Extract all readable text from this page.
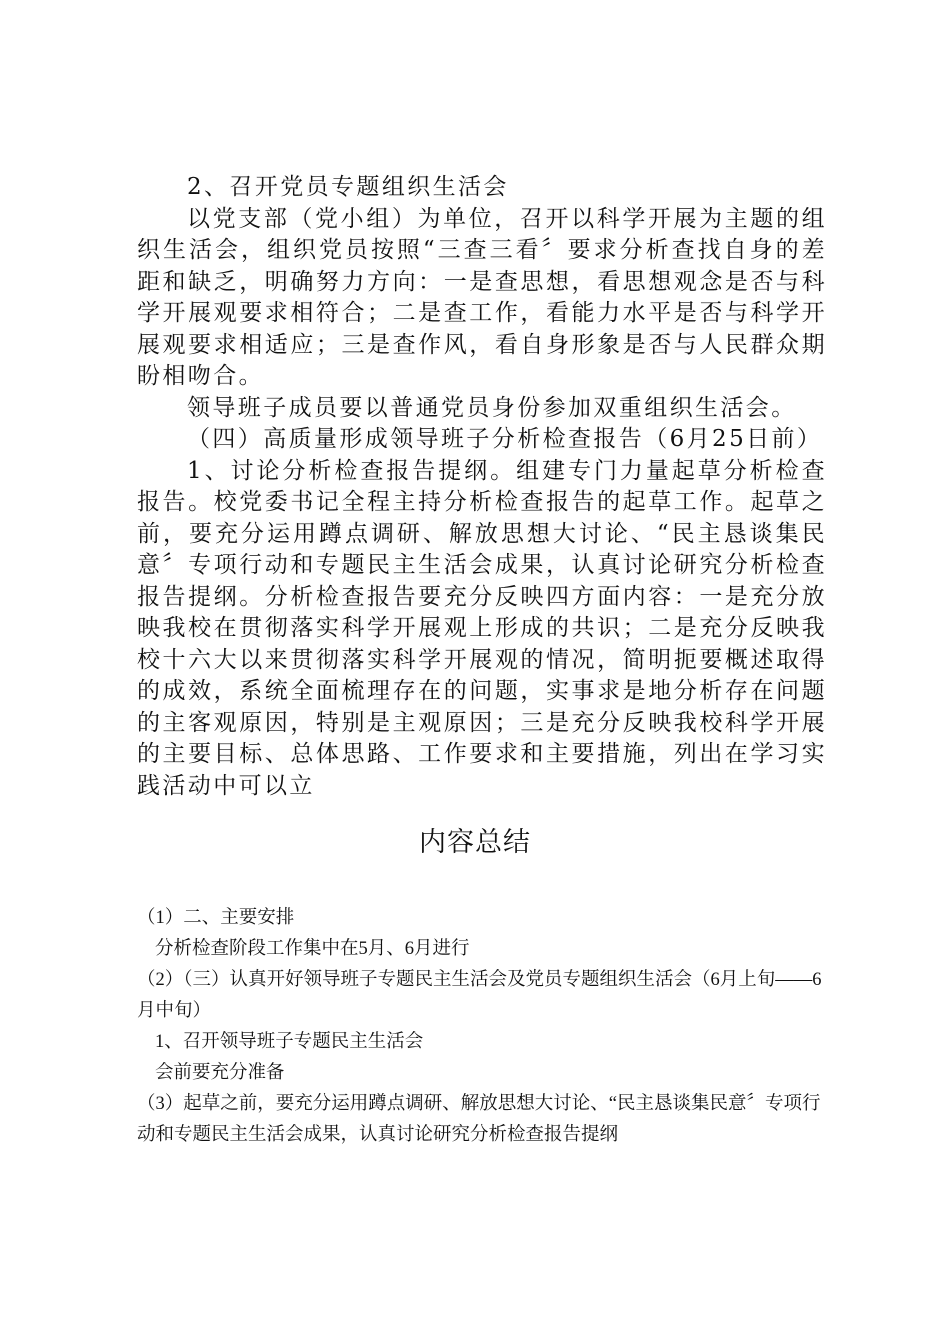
2、召开党员专题组织生活会

以党支部（党小组）为单位，召开以科学开展为主题的组织生活会，组织党员按照“三查三看〞要求分析查找自身的差距和缺乏，明确努力方向：一是查思想，看思想观念是否与科学开展观要求相符合；二是查工作，看能力水平是否与科学开展观要求相适应；三是查作风，看自身形象是否与人民群众期盼相吻合。

领导班子成员要以普通党员身份参加双重组织生活会。

（四）高质量形成领导班子分析检查报告（6月25日前）

1、讨论分析检查报告提纲。组建专门力量起草分析检查报告。校党委书记全程主持分析检查报告的起草工作。起草之前，要充分运用蹲点调研、解放思想大讨论、“民主恳谈集民意〞专项行动和专题民主生活会成果，认真讨论研究分析检查报告提纲。分析检查报告要充分反映四方面内容：一是充分放映我校在贯彻落实科学开展观上形成的共识；二是充分反映我校十六大以来贯彻落实科学开展观的情况，简明扼要概述取得的成效，系统全面梳理存在的问题，实事求是地分析存在问题的主客观原因，特别是主观原因；三是充分反映我校科学开展的主要目标、总体思路、工作要求和主要措施，列出在学习实践活动中可以立

内容总结

（1）二、主要安排

分析检查阶段工作集中在5月、6月进行

（2）（三）认真开好领导班子专题民主生活会及党员专题组织生活会（6月上旬——6月中旬）

1、召开领导班子专题民主生活会

会前要充分准备

（3）起草之前，要充分运用蹲点调研、解放思想大讨论、“民主恳谈集民意〞专项行动和专题民主生活会成果，认真讨论研究分析检查报告提纲
